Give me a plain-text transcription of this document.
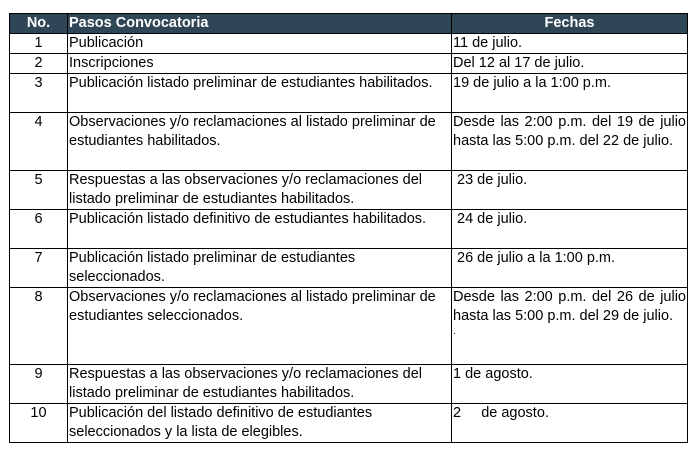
No.	Pasos Convocatoria	Fechas
1	Publicación	11 de julio.
2	Inscripciones	Del 12 al 17 de julio.
3	Publicación listado preliminar de estudiantes habilitados.	19 de julio a la 1:00 p.m.
4	Observaciones y/o reclamaciones al listado preliminar de estudiantes habilitados.	Desde las 2:00 p.m. del 19 de julio hasta las 5:00 p.m. del 22 de julio.
5	Respuestas a las observaciones y/o reclamaciones del listado preliminar de estudiantes habilitados.	23 de julio.
6	Publicación listado definitivo de estudiantes habilitados.	24 de julio.
7	Publicación listado preliminar de estudiantes seleccionados.	26 de julio a la 1:00 p.m.
8	Observaciones y/o reclamaciones al listado preliminar de estudiantes seleccionados.	Desde las 2:00 p.m. del 26 de julio hasta las 5:00 p.m. del 29 de julio.
.

9	Respuestas a las observaciones y/o reclamaciones del listado preliminar de estudiantes habilitados.	1 de agosto.
10	Publicación del listado definitivo de estudiantes seleccionados y la lista de elegibles.	2     de agosto.
